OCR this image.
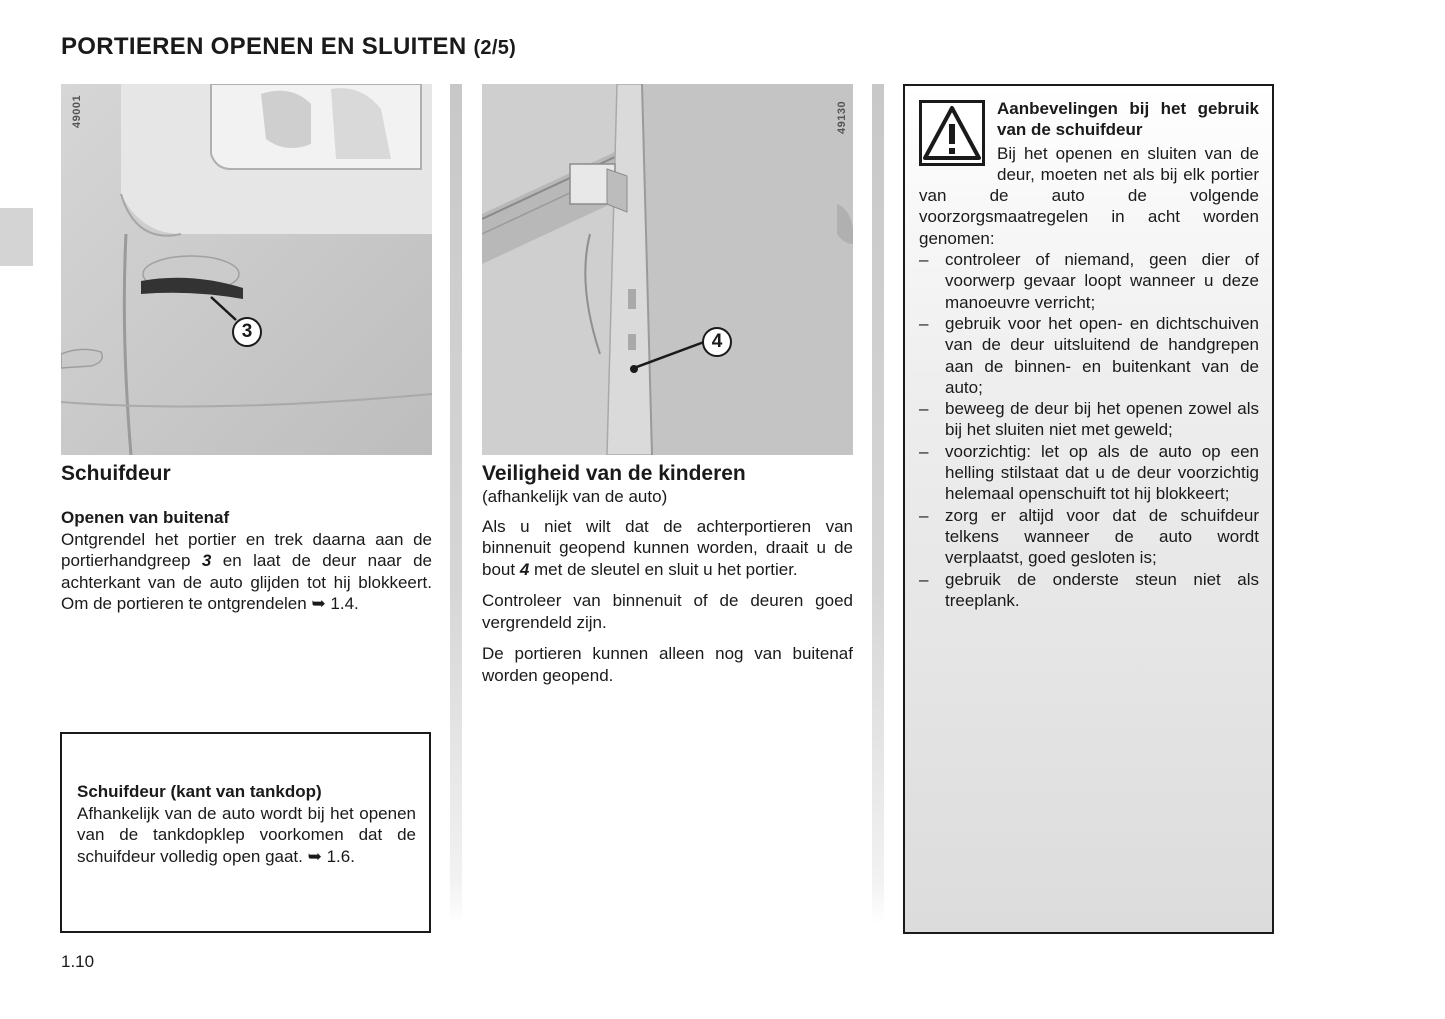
PORTIEREN OPENEN EN SLUITEN (2/5)
49001
3
49130
4
Schuifdeur
Openen van buitenaf

Ontgrendel het portier en trek daarna aan de portierhandgreep 3 en laat de deur naar de achterkant van de auto glijden tot hij blokkeert. Om de portieren te ontgrendelen ➥ 1.4.

Schuifdeur (kant van tankdop)
Afhankelijk van de auto wordt bij het openen van de tankdopklep voorkomen dat de schuifdeur volledig open gaat. ➥ 1.6.
Veiligheid van de kinderen

(afhankelijk van de auto)

Als u niet wilt dat de achterportieren van binnenuit geopend kunnen worden, draait u de bout 4 met de sleutel en sluit u het portier.

Controleer van binnenuit of de deuren goed vergrendeld zijn.

De portieren kunnen alleen nog van buitenaf worden geopend.

Aanbevelingen bij het gebruik van de schuifdeur
Bij het openen en sluiten van de deur, moeten net als bij elk portier van de auto de volgende voorzorgsmaatregelen in acht worden genomen:
– controleer of niemand, geen dier of voorwerp gevaar loopt wanneer u deze manoeuvre verricht;
– gebruik voor het open- en dichtschuiven van de deur uitsluitend de handgrepen aan de binnen- en buitenkant van de auto;
– beweeg de deur bij het openen zowel als bij het sluiten niet met geweld;
– voorzichtig: let op als de auto op een helling stilstaat dat u de deur voorzichtig helemaal openschuift tot hij blokkeert;
– zorg er altijd voor dat de schuifdeur telkens wanneer de auto wordt verplaatst, goed gesloten is;
– gebruik de onderste steun niet als treeplank.
1.10
